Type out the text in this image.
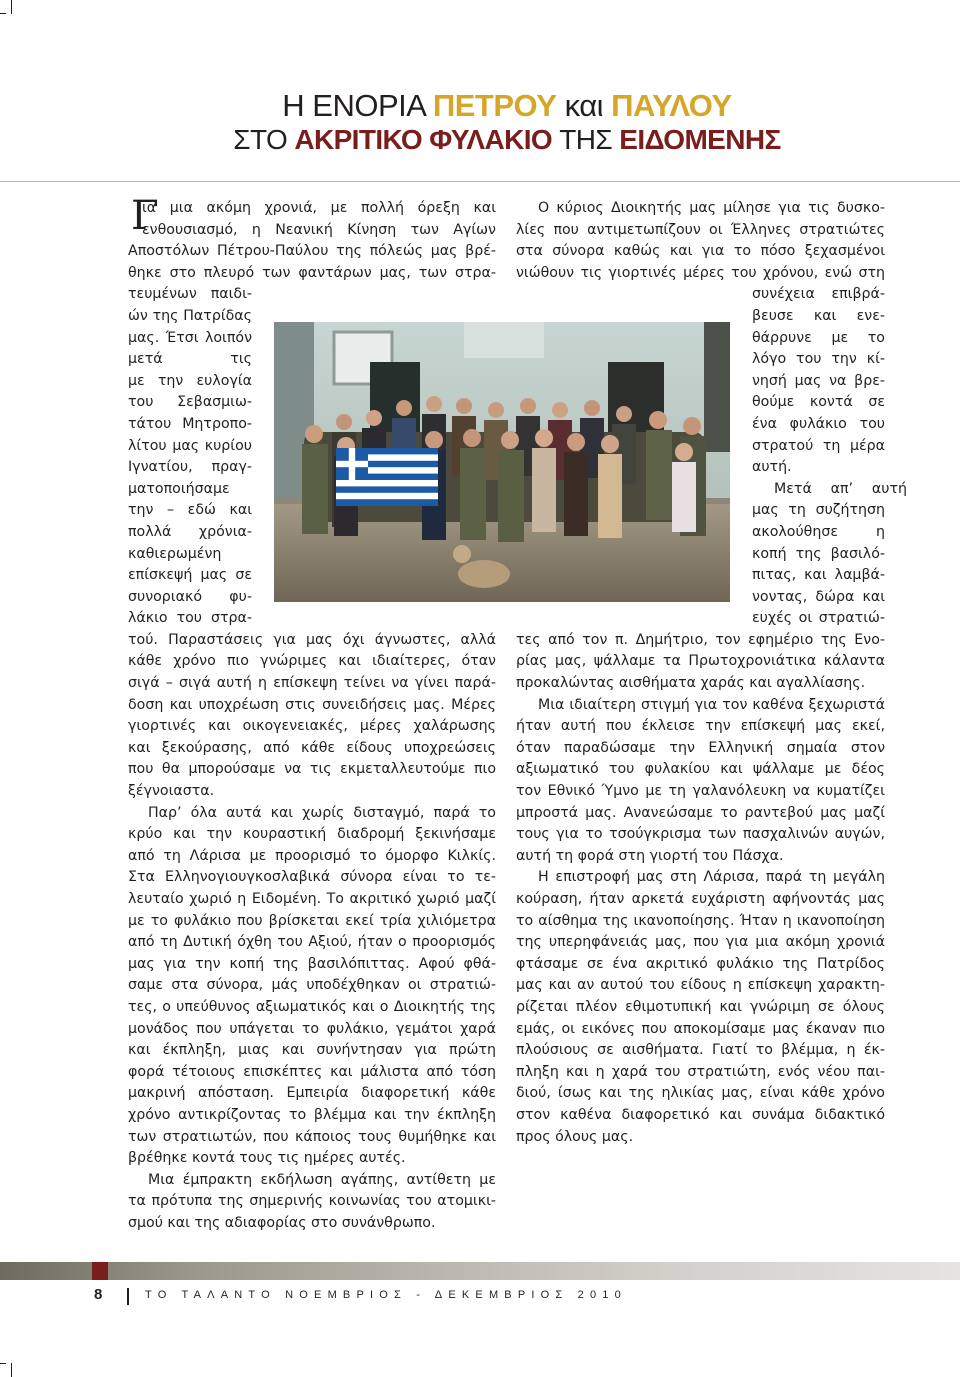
Η ΕΝΟΡΙΑ ΠΕΤΡΟΥ και ΠΑΥΛΟΥ
ΣΤΟ ΑΚΡΙΤΙΚΟ ΦΥΛΑΚΙΟ ΤΗΣ ΕΙΔΟΜΕΝΗΣ
Γ
ια μια ακόμη χρονιά, με πολλή όρεξη και
ενθουσιασμό, η Νεανική Κίνηση των Αγίων
Αποστόλων Πέτρου-Παύλου της πόλεώς μας βρέ-
θηκε στο πλευρό των φαντάρων μας, των στρα-
τευμένων παιδι-
ών της Πατρίδας
μας. Έτσι λοιπόν
μετά τις
με την ευλογία
του Σεβασμιω-
τάτου Μητροπο-
λίτου μας κυρίου
Ιγνατίου, πραγ-
ματοποιήσαμε
την – εδώ και
πολλά χρόνια-
καθιερωμένη
επίσκεψή μας σε
συνοριακό φυ-
λάκιο του στρα-
τού. Παραστάσεις για μας όχι άγνωστες, αλλά
κάθε χρόνο πιο γνώριμες και ιδιαίτερες, όταν
σιγά – σιγά αυτή η επίσκεψη τείνει να γίνει παρά-
δοση και υποχρέωση στις συνειδήσεις μας. Μέρες
γιορτινές και οικογενειακές, μέρες χαλάρωσης
και ξεκούρασης, από κάθε είδους υποχρεώσεις
που θα μπορούσαμε να τις εκμεταλλευτούμε πιο
ξέγνοιαστα.
Παρ’ όλα αυτά και χωρίς δισταγμό, παρά το
κρύο και την κουραστική διαδρομή ξεκινήσαμε
από τη Λάρισα με προορισμό το όμορφο Κιλκίς.
Στα Ελληνογιουγκοσλαβικά σύνορα είναι το τε-
λευταίο χωριό η Ειδομένη. Το ακριτικό χωριό μαζί
με το φυλάκιο που βρίσκεται εκεί τρία χιλιόμετρα
από τη Δυτική όχθη του Αξιού, ήταν ο προορισμός
μας για την κοπή της βασιλόπιττας. Αφού φθά-
σαμε στα σύνορα, μάς υποδέχθηκαν οι στρατιώ-
τες, ο υπεύθυνος αξιωματικός και ο Διοικητής της
μονάδος που υπάγεται το φυλάκιο, γεμάτοι χαρά
και έκπληξη, μιας και συνήντησαν για πρώτη
φορά τέτοιους επισκέπτες και μάλιστα από τόση
μακρινή απόσταση. Εμπειρία διαφορετική κάθε
χρόνο αντικρίζοντας το βλέμμα και την έκπληξη
των στρατιωτών, που κάποιος τους θυμήθηκε και
βρέθηκε κοντά τους τις ημέρες αυτές.
Μια έμπρακτη εκδήλωση αγάπης, αντίθετη με
τα πρότυπα της σημερινής κοινωνίας του ατομικι-
σμού και της αδιαφορίας στο συνάνθρωπο.
Ο κύριος Διοικητής μας μίλησε για τις δυσκο-
λίες που αντιμετωπίζουν οι Έλληνες στρατιώτες
στα σύνορα καθώς και για το πόσο ξεχασμένοι
νιώθουν τις γιορτινές μέρες του χρόνου, ενώ στη
συνέχεια επιβρά-
βευσε και ενε-
θάρρυνε με το
λόγο του την κί-
νησή μας να βρε-
θούμε κοντά σε
ένα φυλάκιο του
στρατού τη μέρα
αυτή.
Μετά απ’ αυτή
μας τη συζήτηση
ακολούθησε η
κοπή της βασιλό-
πιτας, και λαμβά-
νοντας, δώρα και
ευχές οι στρατιώ-
τες από τον π. Δημήτριο, τον εφημέριο της Ενο-
ρίας μας, ψάλλαμε τα Πρωτοχρονιάτικα κάλαντα
προκαλώντας αισθήματα χαράς και αγαλλίασης.
Μια ιδιαίτερη στιγμή για τον καθένα ξεχωριστά
ήταν αυτή που έκλεισε την επίσκεψή μας εκεί,
όταν παραδώσαμε την Ελληνική σημαία στον
αξιωματικό του φυλακίου και ψάλλαμε με δέος
τον Εθνικό Ύμνο με τη γαλανόλευκη να κυματίζει
μπροστά μας. Ανανεώσαμε το ραντεβού μας μαζί
τους για το τσούγκρισμα των πασχαλινών αυγών,
αυτή τη φορά στη γιορτή του Πάσχα.
Η επιστροφή μας στη Λάρισα, παρά τη μεγάλη
κούραση, ήταν αρκετά ευχάριστη αφήνοντάς μας
το αίσθημα της ικανοποίησης. Ήταν η ικανοποίηση
της υπερηφάνειάς μας, που για μια ακόμη χρονιά
φτάσαμε σε ένα ακριτικό φυλάκιο της Πατρίδος
μας και αν αυτού του είδους η επίσκεψη χαρακτη-
ρίζεται πλέον εθιμοτυπική και γνώριμη σε όλους
εμάς, οι εικόνες που αποκομίσαμε μας έκαναν πιο
πλούσιους σε αισθήματα. Γιατί το βλέμμα, η έκ-
πληξη και η χαρά του στρατιώτη, ενός νέου παι-
διού, ίσως και της ηλικίας μας, είναι κάθε χρόνο
στον καθένα διαφορετικό και συνάμα διδακτικό
προς όλους μας.
8	ΤΟ ΤΑΛΑΝΤΟ ΝΟΕΜΒΡΙΟΣ - ΔΕΚΕΜΒΡΙΟΣ 2010
